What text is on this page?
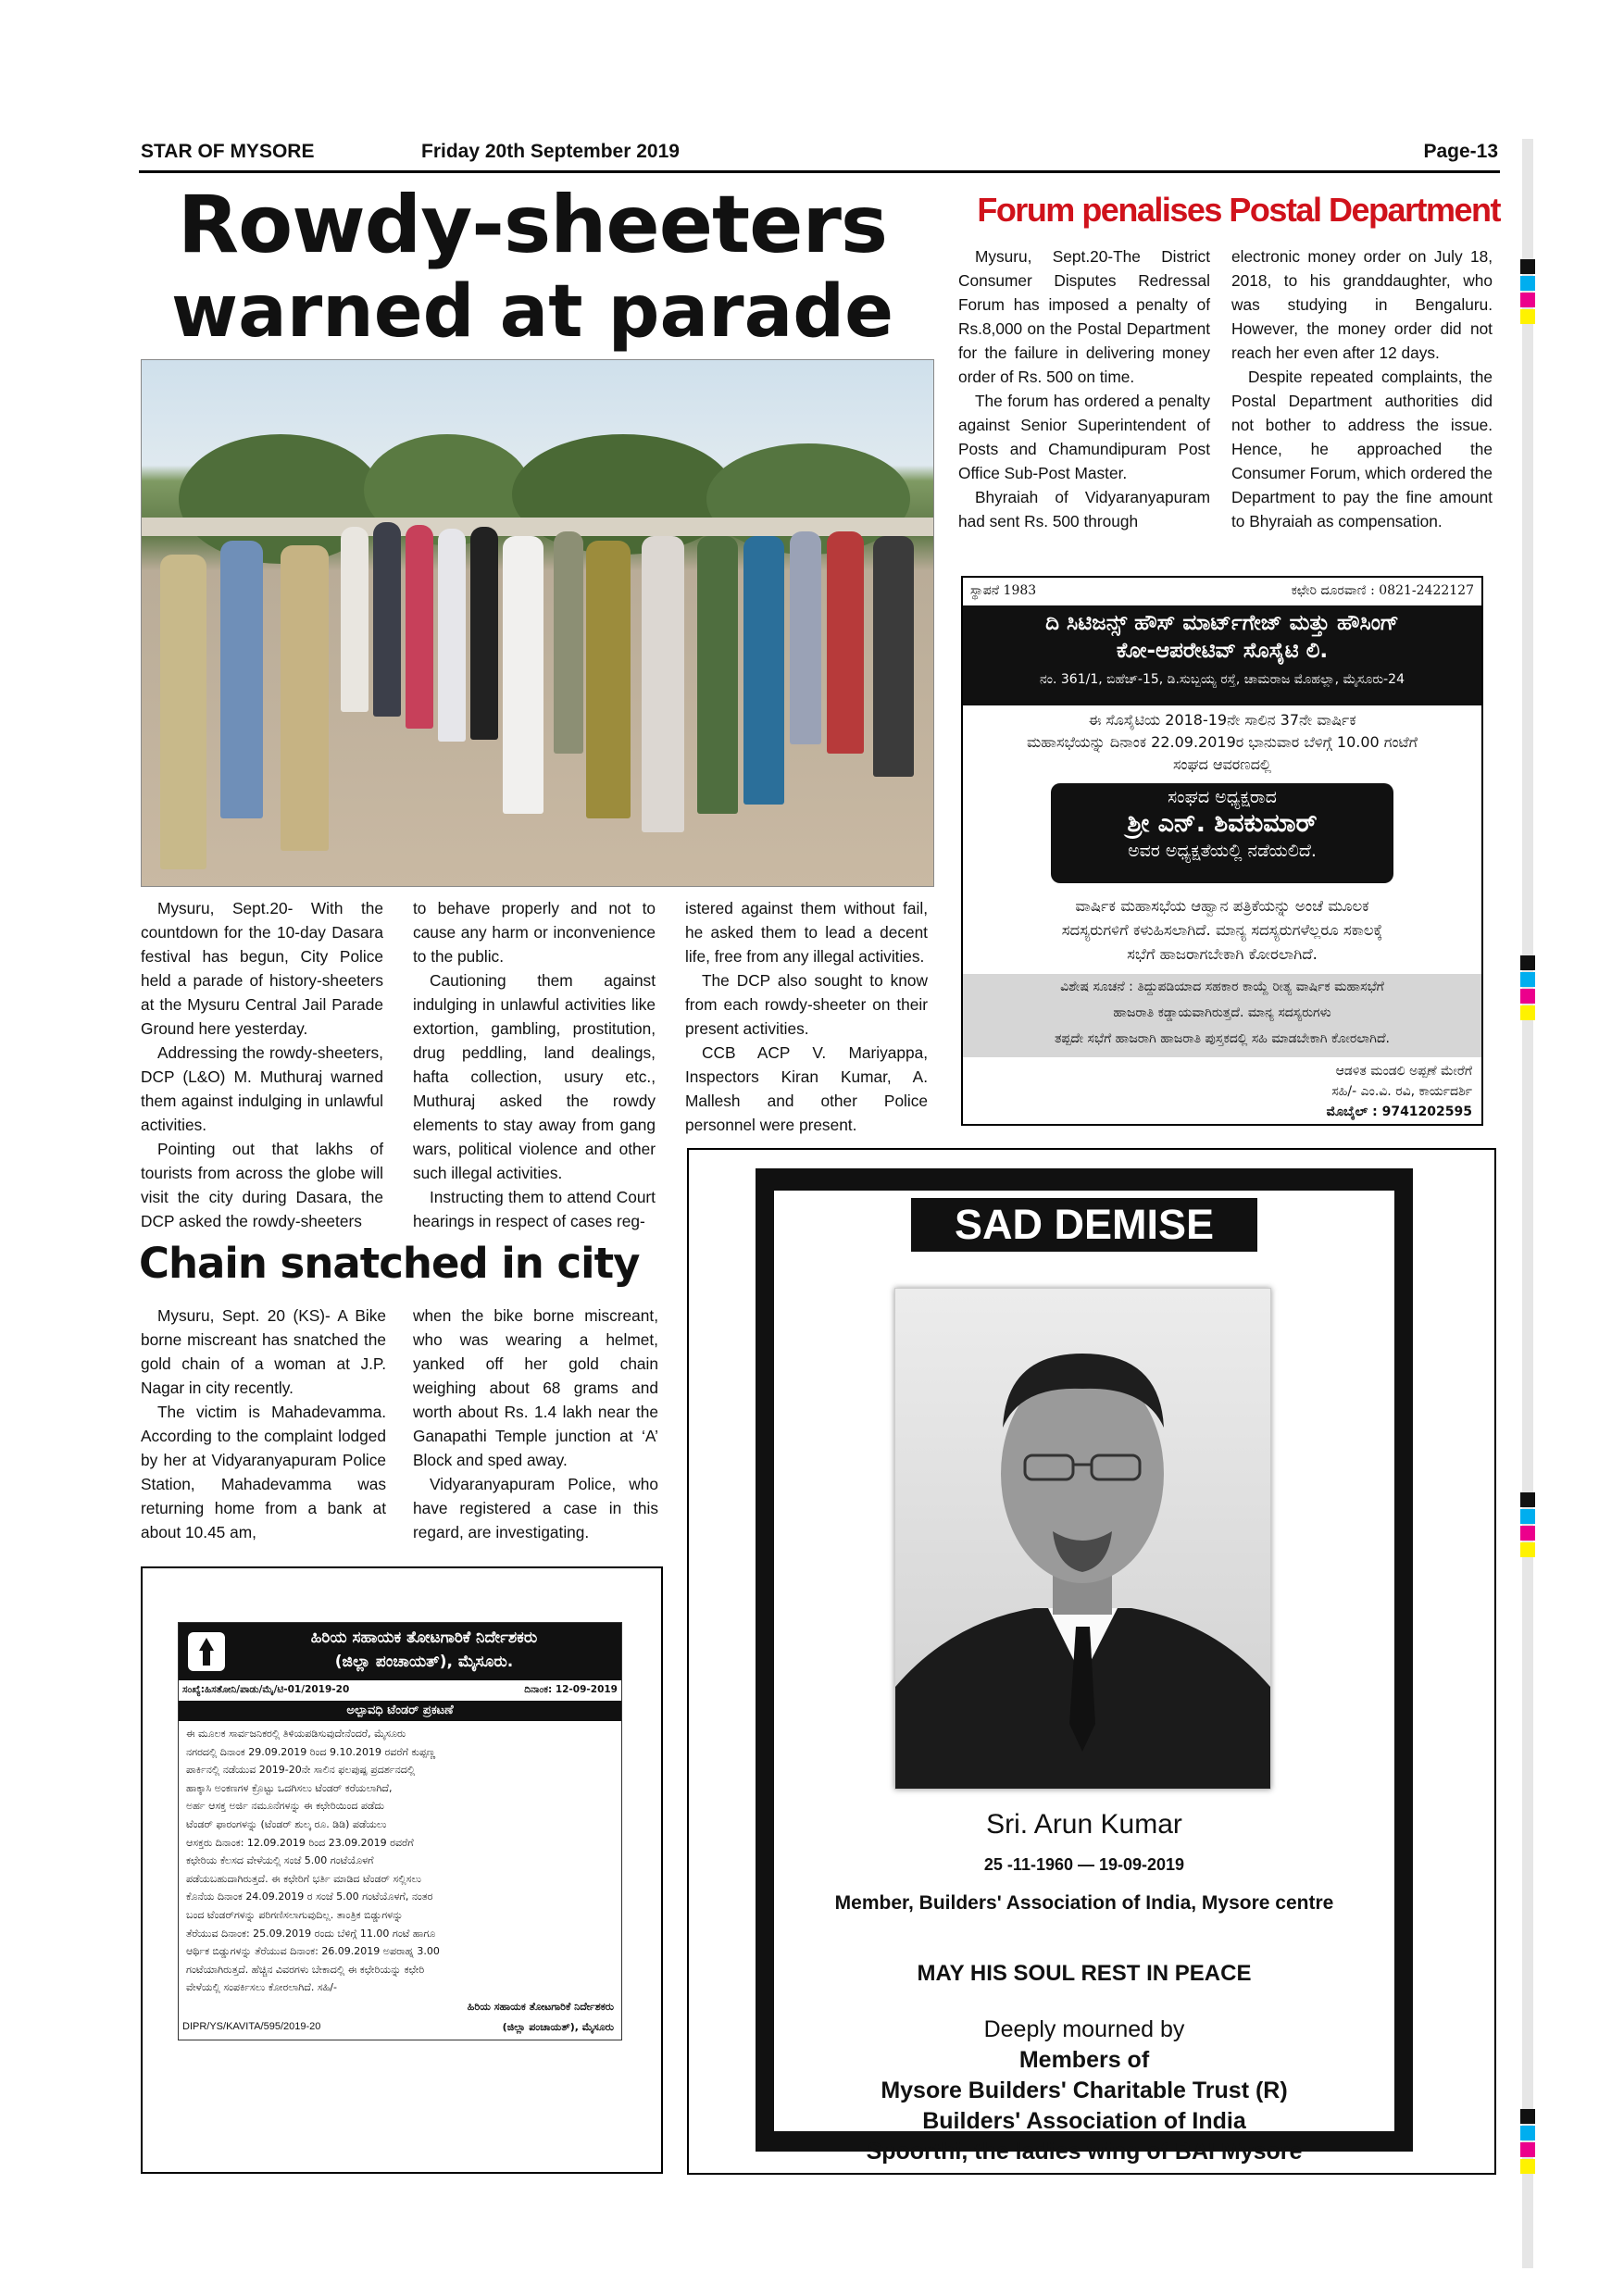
STAR OF MYSORE	Friday 20th September 2019	Page-13
Rowdy-sheeters
warned at parade

Mysuru, Sept.20- With the countdown for the 10-day Dasara festival has begun, City Police held a parade of history-sheeters at the Mysuru Central Jail Parade Ground here yesterday.

Addressing the rowdy-sheeters, DCP (L&O) M. Muthuraj warned them against indulging in unlawful activities.

Pointing out that lakhs of tourists from across the globe will visit the city during Dasara, the DCP asked the rowdy-sheeters

to behave properly and not to cause any harm or inconvenience to the public.

Cautioning them against indulging in unlawful activities like extortion, gambling, prostitution, drug peddling, land dealings, hafta collection, usury etc., Muthuraj asked the rowdy elements to stay away from gang wars, political violence and other such illegal activities.

Instructing them to attend Court hearings in respect of cases reg-

istered against them without fail, he asked them to lead a decent life, free from any illegal activities.

The DCP also sought to know from each rowdy-sheeter on their present activities.

CCB ACP V. Mariyappa, Inspectors Kiran Kumar, A. Mallesh and other Police personnel were present.

Chain snatched in city

Mysuru, Sept. 20 (KS)- A Bike borne miscreant has snatched the gold chain of a woman at J.P. Nagar in city recently.

The victim is Mahadevamma. According to the complaint lodged by her at Vidyaranyapuram Police Station, Mahadevamma was returning home from a bank at about 10.45 am,

when the bike borne miscreant, who was wearing a helmet, yanked off her gold chain weighing about 68 grams and worth about Rs. 1.4 lakh near the Ganapathi Temple junction at ‘A’ Block and sped away.

Vidyaranyapuram Police, who have registered a case in this regard, are investigating.

Forum penalises Postal Department

Mysuru, Sept.20-The District Consumer Disputes Redressal Forum has imposed a penalty of Rs.8,000 on the Postal Department for the failure in delivering money order of Rs. 500 on time.

The forum has ordered a penalty against Senior Superintendent of Posts and Chamundipuram Post Office Sub-Post Master.

Bhyraiah of Vidyaranyapuram had sent Rs. 500 through

electronic money order on July 18, 2018, to his granddaughter, who was studying in Bengaluru. However, the money order did not reach her even after 12 days.

Despite repeated complaints, the Postal Department authorities did not bother to address the issue. Hence, he approached the Consumer Forum, which ordered the Department to pay the fine amount to Bhyraiah as compensation.

ಸ್ಥಾಪನೆ 1983	ಕಛೇರಿ ದೂರವಾಣಿ : 0821-2422127
ದಿ ಸಿಟಿಜನ್ಸ್ ಹೌಸ್ ಮಾರ್ಟ್‌ಗೇಜ್ ಮತ್ತು ಹೌಸಿಂಗ್
ಕೋ-ಆಪರೇಟಿವ್ ಸೊಸೈಟಿ ಲಿ.
ನಂ. 361/1, ಬಿಹೆಚ್-15, ಡಿ.ಸುಬ್ಬಯ್ಯ ರಸ್ತೆ, ಚಾಮರಾಜ ಮೊಹಲ್ಲಾ, ಮೈಸೂರು-24
ಈ ಸೊಸೈಟಿಯ 2018-19ನೇ ಸಾಲಿನ 37ನೇ ವಾರ್ಷಿಕ
ಮಹಾಸಭೆಯನ್ನು ದಿನಾಂಕ 22.09.2019ರ ಭಾನುವಾರ ಬೆಳಿಗ್ಗೆ 10.00 ಗಂಟೆಗೆ
ಸಂಘದ ಆವರಣದಲ್ಲಿ
ಸಂಘದ ಅಧ್ಯಕ್ಷರಾದ
ಶ್ರೀ ಎನ್. ಶಿವಕುಮಾರ್
ಅವರ ಅಧ್ಯಕ್ಷತೆಯಲ್ಲಿ ನಡೆಯಲಿದೆ.
ವಾರ್ಷಿಕ ಮಹಾಸಭೆಯ ಆಹ್ವಾನ ಪತ್ರಿಕೆಯನ್ನು ಅಂಚೆ ಮೂಲಕ
ಸದಸ್ಯರುಗಳಿಗೆ ಕಳುಹಿಸಲಾಗಿದೆ. ಮಾನ್ಯ ಸದಸ್ಯರುಗಳೆಲ್ಲರೂ ಸಕಾಲಕ್ಕೆ
ಸಭೆಗೆ ಹಾಜರಾಗಬೇಕಾಗಿ ಕೋರಲಾಗಿದೆ.
ವಿಶೇಷ ಸೂಚನೆ : ತಿದ್ದುಪಡಿಯಾದ ಸಹಕಾರ ಕಾಯ್ದೆ ರೀತ್ಯ ವಾರ್ಷಿಕ ಮಹಾಸಭೆಗೆ
ಹಾಜರಾತಿ ಕಡ್ಡಾಯವಾಗಿರುತ್ತದೆ. ಮಾನ್ಯ ಸದಸ್ಯರುಗಳು
ತಪ್ಪದೇ ಸಭೆಗೆ ಹಾಜರಾಗಿ ಹಾಜರಾತಿ ಪುಸ್ತಕದಲ್ಲಿ ಸಹಿ ಮಾಡಬೇಕಾಗಿ ಕೋರಲಾಗಿದೆ.
ಆಡಳಿತ ಮಂಡಲಿ ಅಪ್ಪಣೆ ಮೇರೆಗೆ
ಸಹಿ/- ಎಂ.ವಿ. ರವಿ, ಕಾರ್ಯದರ್ಶಿ
ಮೊಬೈಲ್ : 9741202595
ಹಿರಿಯ ಸಹಾಯಕ ತೋಟಗಾರಿಕೆ ನಿರ್ದೇಶಕರು
(ಜಿಲ್ಲಾ ಪಂಚಾಯತ್), ಮೈಸೂರು.
ಸಂಖ್ಯೆ:ಹಿಸತೋನಿ/ಪಾಡು/ಮೈ/ಟಿ-01/2019-20	ದಿನಾಂಕ: 12-09-2019
ಅಲ್ಪಾವಧಿ ಟೆಂಡರ್ ಪ್ರಕಟಣೆ
ಈ ಮೂಲಕ ಸಾರ್ವಜನಿಕರಲ್ಲಿ ತಿಳಿಯಪಡಿಸುವುದೇನೆಂದರೆ, ಮೈಸೂರು
ನಗರದಲ್ಲಿ ದಿನಾಂಕ 29.09.2019 ರಿಂದ 9.10.2019 ರವರೆಗೆ ಕುಪ್ಪಣ್ಣ
ಪಾರ್ಕಿನಲ್ಲಿ ನಡೆಯುವ 2019-20ನೇ ಸಾಲಿನ ಫಲಪುಷ್ಪ ಪ್ರದರ್ಶನದಲ್ಲಿ
ಹಾಕ್ಕಾಸಿ ಅಂಕಣಗಳ ಕ್ರೊಟ್ಟು ಒದಗಿಸಲು ಟೆಂಡರ್ ಕರೆಯಲಾಗಿದೆ,
ಅರ್ಹ ಆಸಕ್ತ ಅರ್ಜಿ ನಮೂನೆಗಳನ್ನು ಈ ಕಛೇರಿಯಿಂದ ಪಡೆದು
ಟೆಂಡರ್ ಫಾರಂಗಳನ್ನು (ಟೆಂಡರ್ ಶುಲ್ಕ ರೂ. ಡಿಡಿ) ಪಡೆಯಲು
ಆಸಕ್ತರು ದಿನಾಂಕ: 12.09.2019 ರಿಂದ 23.09.2019 ರವರೆಗೆ
ಕಛೇರಿಯ ಕೆಲಸದ ವೇಳೆಯಲ್ಲಿ ಸಂಜೆ 5.00 ಗಂಟೆಯೊಳಗೆ
ಪಡೆಯಬಹುದಾಗಿರುತ್ತದೆ. ಈ ಕಛೇರಿಗೆ ಭರ್ತಿ ಮಾಡಿದ ಟೆಂಡರ್ ಸಲ್ಲಿಸಲು
ಕೊನೆಯ ದಿನಾಂಕ 24.09.2019 ರ ಸಂಜೆ 5.00 ಗಂಟೆಯೊಳಗೆ, ನಂತರ
ಬಂದ ಟೆಂಡರ್‌ಗಳನ್ನು ಪರಿಗಣಿಸಲಾಗುವುದಿಲ್ಲ. ತಾಂತ್ರಿಕ ಬಿಡ್ಡುಗಳನ್ನು
ತೆರೆಯುವ ದಿನಾಂಕ: 25.09.2019 ರಂದು ಬೆಳಿಗ್ಗೆ 11.00 ಗಂಟೆ ಹಾಗೂ
ಆರ್ಥಿಕ ಬಿಡ್ಡುಗಳನ್ನು ತೆರೆಯುವ ದಿನಾಂಕ: 26.09.2019 ಅಪರಾಹ್ನ 3.00
ಗಂಟೆಯಾಗಿರುತ್ತದೆ. ಹೆಚ್ಚಿನ ವಿವರಗಳು ಬೇಕಾದಲ್ಲಿ ಈ ಕಛೇರಿಯನ್ನು ಕಛೇರಿ
ವೇಳೆಯಲ್ಲಿ ಸಂಪರ್ಕಿಸಲು ಕೋರಲಾಗಿದೆ. ಸಹಿ/-
ಹಿರಿಯ ಸಹಾಯಕ ತೋಟಗಾರಿಕೆ ನಿರ್ದೇಶಕರು
DIPR/YS/KAVITA/595/2019-20	(ಜಿಲ್ಲಾ ಪಂಚಾಯತ್), ಮೈಸೂರು
SAD DEMISE
Sri. Arun Kumar
25 -11-1960 — 19-09-2019
Member, Builders' Association of India, Mysore centre
MAY HIS SOUL REST IN PEACE
Deeply mourned by
Members of
Mysore Builders' Charitable Trust (R)
Builders' Association of India
Spoorthi, the ladies wing of BAI Mysore
